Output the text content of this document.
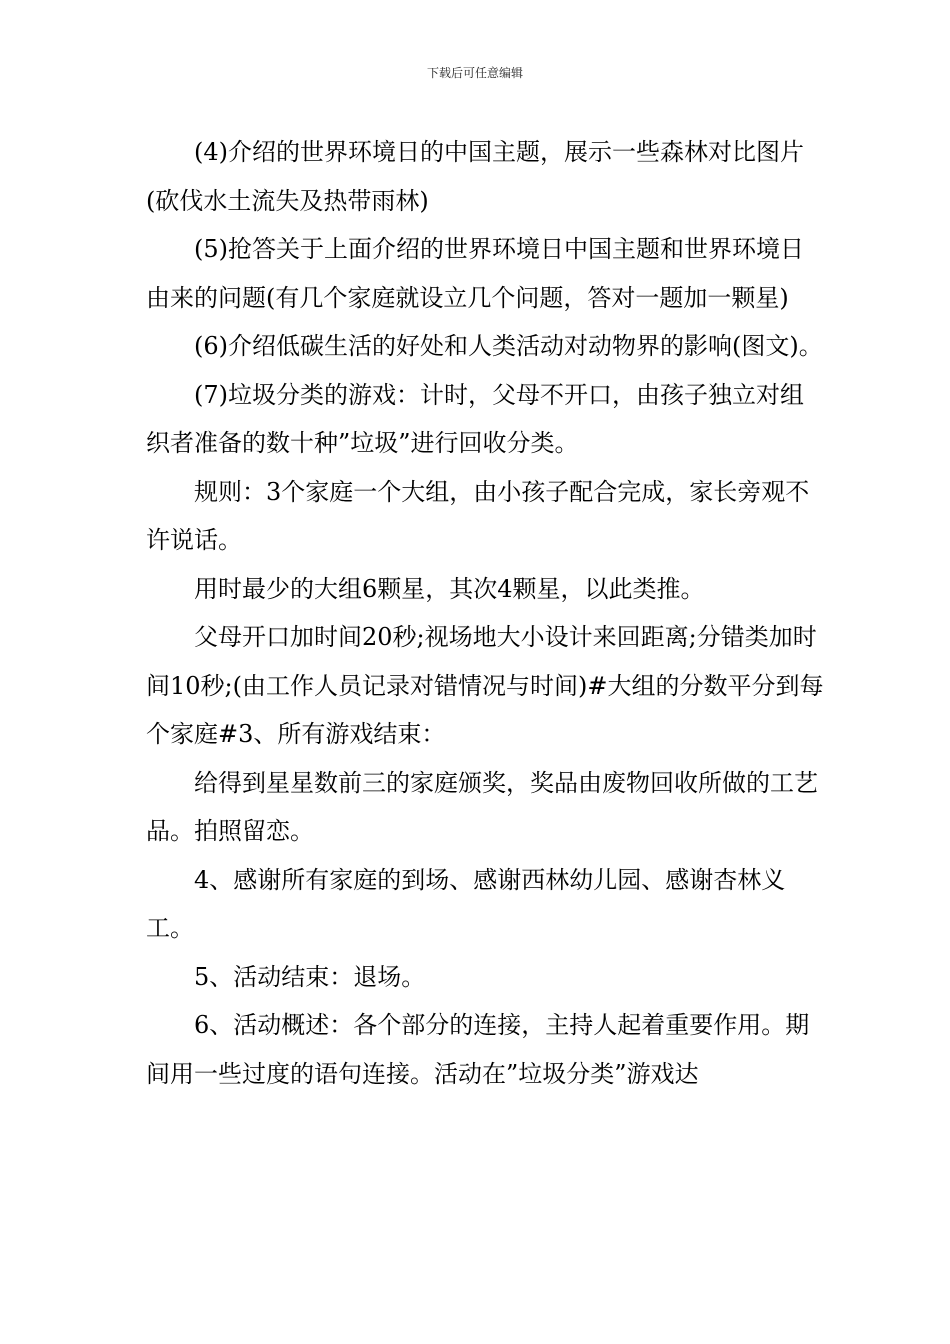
下载后可任意编辑

(4)介绍的世界环境日的中国主题，展示一些森林对比图片(砍伐水土流失及热带雨林)

(5)抢答关于上面介绍的世界环境日中国主题和世界环境日由来的问题(有几个家庭就设立几个问题，答对一题加一颗星)

(6)介绍低碳生活的好处和人类活动对动物界的影响(图文)。

(7)垃圾分类的游戏：计时，父母不开口，由孩子独立对组织者准备的数十种”垃圾”进行回收分类。

规则：3个家庭一个大组，由小孩子配合完成，家长旁观不许说话。

用时最少的大组6颗星，其次4颗星，以此类推。

父母开口加时间20秒;视场地大小设计来回距离;分错类加时间10秒;(由工作人员记录对错情况与时间)#大组的分数平分到每个家庭#3、所有游戏结束：

给得到星星数前三的家庭颁奖，奖品由废物回收所做的工艺品。拍照留恋。

4、感谢所有家庭的到场、感谢西林幼儿园、感谢杏林义工。

5、活动结束：退场。

6、活动概述：各个部分的连接，主持人起着重要作用。期间用一些过度的语句连接。活动在”垃圾分类”游戏达
